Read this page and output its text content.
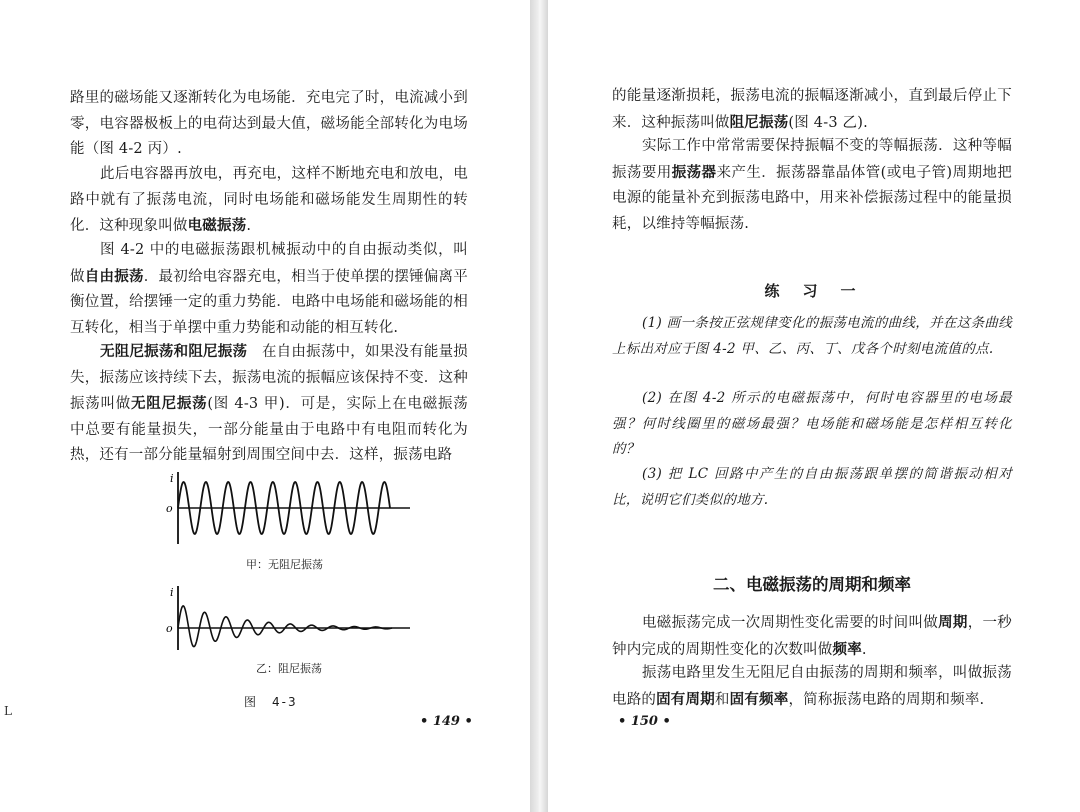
路里的磁场能又逐渐转化为电场能．充电完了时，电流减小到零，电容器极板上的电荷达到最大值，磁场能全部转化为电场能（图 4-2 丙）.

此后电容器再放电，再充电，这样不断地充电和放电，电路中就有了振荡电流，同时电场能和磁场能发生周期性的转化．这种现象叫做电磁振荡.

图 4-2 中的电磁振荡跟机械振动中的自由振动类似，叫做自由振荡．最初给电容器充电，相当于使单摆的摆锤偏离平衡位置，给摆锤一定的重力势能．电路中电场能和磁场能的相互转化，相当于单摆中重力势能和动能的相互转化.

无阻尼振荡和阻尼振荡　在自由振荡中，如果没有能量损失，振荡应该持续下去，振荡电流的振幅应该保持不变．这种振荡叫做无阻尼振荡(图 4-3 甲)．可是，实际上在电磁振荡中总要有能量损失，一部分能量由于电路中有电阻而转化为热，还有一部分能量辐射到周围空间中去．这样，振荡电路

i
o
甲：无阻尼振荡
i
o
乙：阻尼振荡
图　4-3
• 149 •
L

的能量逐渐损耗，振荡电流的振幅逐渐减小，直到最后停止下来．这种振荡叫做阻尼振荡(图 4-3 乙).

实际工作中常常需要保持振幅不变的等幅振荡．这种等幅振荡要用振荡器来产生．振荡器靠晶体管(或电子管)周期地把电源的能量补充到振荡电路中，用来补偿振荡过程中的能量损耗，以维持等幅振荡.

练　习　一

(1) 画一条按正弦规律变化的振荡电流的曲线，并在这条曲线上标出对应于图 4-2 甲、乙、丙、丁、戊各个时刻电流值的点.

(2) 在图 4-2 所示的电磁振荡中，何时电容器里的电场最强？何时线圈里的磁场最强？电场能和磁场能是怎样相互转化的？

(3) 把 LC 回路中产生的自由振荡跟单摆的简谐振动相对比，说明它们类似的地方.

二、电磁振荡的周期和频率

电磁振荡完成一次周期性变化需要的时间叫做周期，一秒钟内完成的周期性变化的次数叫做频率.

振荡电路里发生无阻尼自由振荡的周期和频率，叫做振荡电路的固有周期和固有频率，简称振荡电路的周期和频率.

• 150 •
